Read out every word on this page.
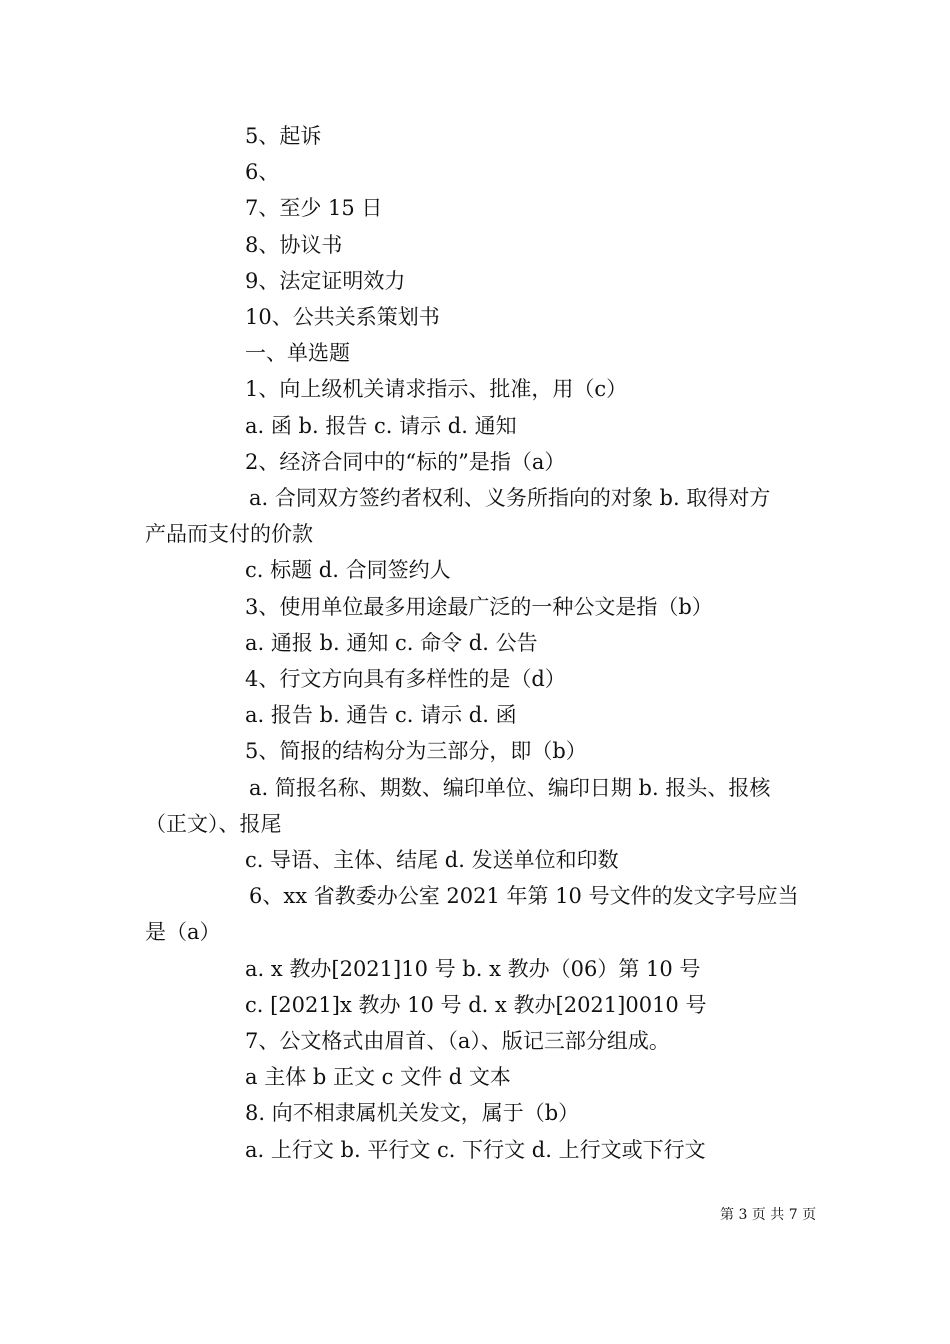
5、起诉
6、
7、至少 15 日
8、协议书
9、法定证明效力
10、公共关系策划书
一、单选题
1、向上级机关请求指示、批准，用（c）
a. 函 b. 报告 c. 请示 d. 通知
2、经济合同中的“标的”是指（a）
a. 合同双方签约者权利、义务所指向的对象 b. 取得对方
产品而支付的价款
c. 标题 d. 合同签约人
3、使用单位最多用途最广泛的一种公文是指（b）
a. 通报 b. 通知 c. 命令 d. 公告
4、行文方向具有多样性的是（d）
a. 报告 b. 通告 c. 请示 d. 函
5、简报的结构分为三部分，即（b）
a. 简报名称、期数、编印单位、编印日期 b. 报头、报核
（正文）、报尾
c. 导语、主体、结尾 d. 发送单位和印数
6、xx 省教委办公室 2021 年第 10 号文件的发文字号应当
是（a）
a. x 教办[2021]10 号 b. x 教办（06）第 10 号
c. [2021]x 教办 10 号 d. x 教办[2021]0010 号
7、公文格式由眉首、（a）、版记三部分组成。
a 主体 b 正文 c 文件 d 文本
8. 向不相隶属机关发文，属于（b）
a. 上行文 b. 平行文 c. 下行文 d. 上行文或下行文
第 3 页 共 7 页
